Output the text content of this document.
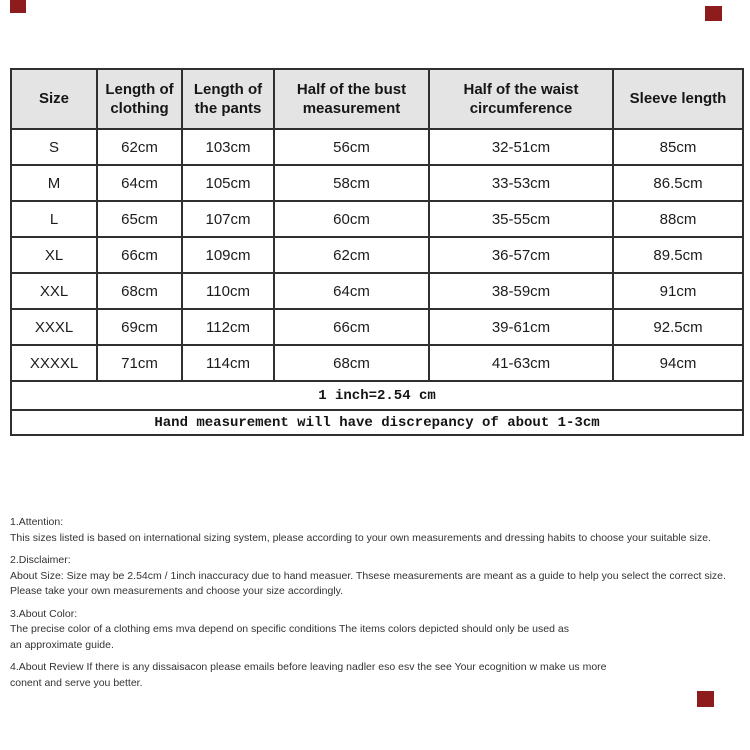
Size	Length of clothing	Length of the pants	Half of the bust measurement	Half of the waist circumference	Sleeve length
S	62cm	103cm	56cm	32-51cm	85cm
M	64cm	105cm	58cm	33-53cm	86.5cm
L	65cm	107cm	60cm	35-55cm	88cm
XL	66cm	109cm	62cm	36-57cm	89.5cm
XXL	68cm	110cm	64cm	38-59cm	91cm
XXXL	69cm	112cm	66cm	39-61cm	92.5cm
XXXXL	71cm	114cm	68cm	41-63cm	94cm
1 inch=2.54 cm					
Hand measurement will have discrepancy of about 1-3cm					
1.Attention:
This sizes listed is based on international sizing system, please according to your own measurements and dressing habits to choose your suitable size.
2.Disclaimer:
About Size: Size may be 2.54cm / 1inch inaccuracy due to hand measuer. Thsese measurements are meant as a guide to help you select the correct size.
Please take your own measurements and choose your size accordingly.
3.About Color:
The precise color of a clothing ems mva depend on specific conditions The items colors depicted should only be used as
an approximate guide.
4.About Review If there is any dissaisacon please emails before leaving nadler eso esv the see Your ecognition w make us more
conent and serve you better.
